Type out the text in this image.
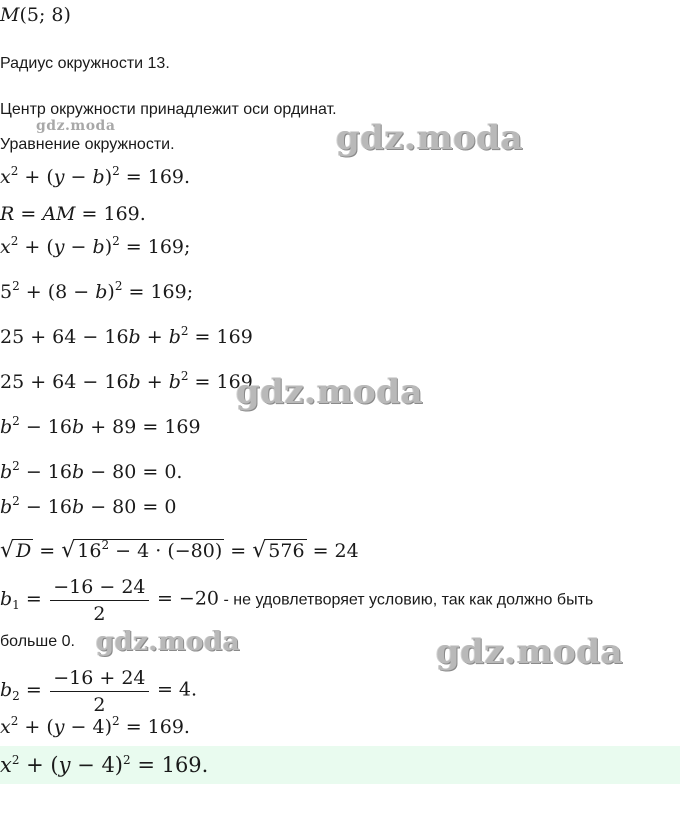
M(5; 8)
Радиус окружности 13.
Центр окружности принадлежит оси ординат.
Уравнение окружности.
$x^2 + (y - b)^2 = 169$.
R = AM = 169.
$x^2 + (y - b)^2 = 169$;
$5^2 + (8 - b)^2 = 169$;
$25 + 64 - 16b + b^2 = 169$
$25 + 64 - 16b + b^2 = 169$
$b^2 - 16b + 89 = 169$
$b^2 - 16b - 80 = 0$.
$b^2 - 16b - 80 = 0$
√ D = √ $16^2 - 4 \cdot (-80)$ = √ 576 = 24
$b_1 = \frac{-16 - 24}{2} = -20$ - не удовлетворяет условию, так как должно быть
больше 0.
$b_2 = \frac{-16 + 24}{2} = 4$.
$x^2 + (y - 4)^2 = 169$.
$x^2 + (y - 4)^2 = 169$.
gdz.moda	gdz.moda
gdz.moda
gdz.moda	gdz.moda
